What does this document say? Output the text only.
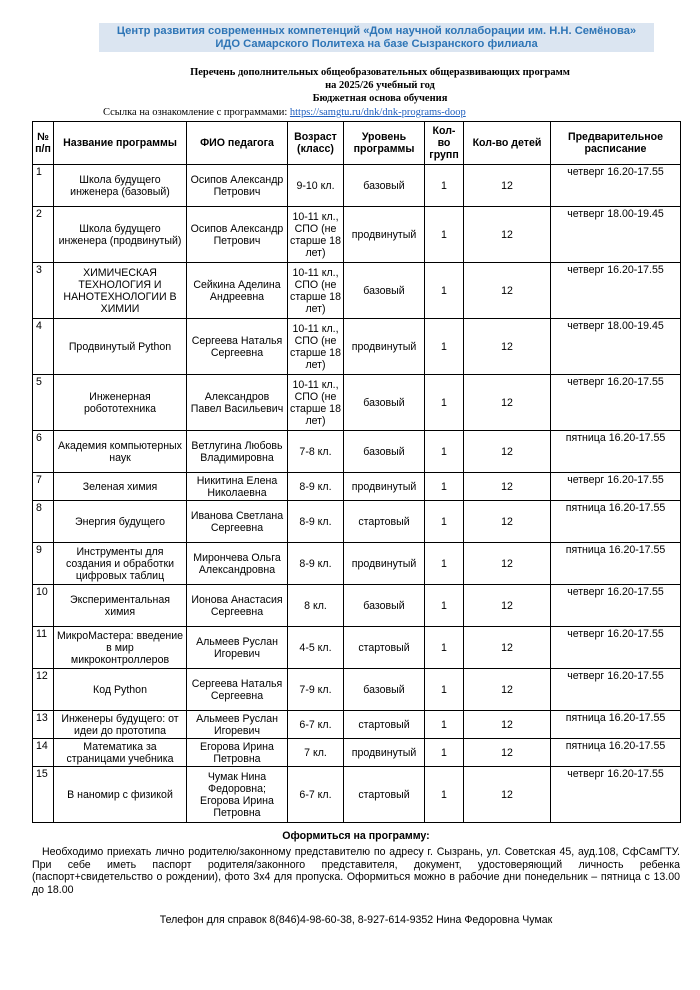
Центр развития современных компетенций «Дом научной коллаборации им. Н.Н. Семёнова»
ИДО Самарского Политеха на базе Сызранского филиала
Перечень дополнительных общеобразовательных общеразвивающих программ
на 2025/26 учебный год
Бюджетная основа обучения
Ссылка на ознакомление с программами: https://samgtu.ru/dnk/dnk-programs-doop
№ п/п	Название программы	ФИО педагога	Возраст (класс)	Уровень программы	Кол-во групп	Кол-во детей	Предварительное расписание
1	Школа будущего инженера (базовый)	Осипов Александр Петрович	9-10 кл.	базовый	1	12	четверг 16.20-17.55
2	Школа будущего инженера (продвинутый)	Осипов Александр Петрович	10-11 кл., СПО (не старше 18 лет)	продвинутый	1	12	четверг 18.00-19.45
3	ХИМИЧЕСКАЯ ТЕХНОЛОГИЯ И НАНОТЕХНОЛОГИИ В ХИМИИ	Сейкина Аделина Андреевна	10-11 кл., СПО (не старше 18 лет)	базовый	1	12	четверг 16.20-17.55
4	Продвинутый Python	Сергеева Наталья Сергеевна	10-11 кл., СПО (не старше 18 лет)	продвинутый	1	12	четверг 18.00-19.45
5	Инженерная робототехника	Александров Павел Васильевич	10-11 кл., СПО (не старше 18 лет)	базовый	1	12	четверг 16.20-17.55
6	Академия компьютерных наук	Ветлугина Любовь Владимировна	7-8 кл.	базовый	1	12	пятница 16.20-17.55
7	Зеленая химия	Никитина Елена Николаевна	8-9 кл.	продвинутый	1	12	четверг 16.20-17.55
8	Энергия будущего	Иванова Светлана Сергеевна	8-9 кл.	стартовый	1	12	пятница 16.20-17.55
9	Инструменты для создания и обработки цифровых таблиц	Мирончева Ольга Александровна	8-9 кл.	продвинутый	1	12	пятница 16.20-17.55
10	Экспериментальная химия	Ионова Анастасия Сергеевна	8 кл.	базовый	1	12	четверг 16.20-17.55
11	МикроМастера: введение в мир микроконтроллеров	Альмеев Руслан Игоревич	4-5 кл.	стартовый	1	12	четверг 16.20-17.55
12	Код Python	Сергеева Наталья Сергеевна	7-9 кл.	базовый	1	12	четверг 16.20-17.55
13	Инженеры будущего: от идеи до прототипа	Альмеев Руслан Игоревич	6-7 кл.	стартовый	1	12	пятница 16.20-17.55
14	Математика за страницами учебника	Егорова Ирина Петровна	7 кл.	продвинутый	1	12	пятница 16.20-17.55
15	В наномир с физикой	Чумак Нина Федоровна; Егорова Ирина Петровна	6-7 кл.	стартовый	1	12	четверг 16.20-17.55
Оформиться на программу:
Необходимо приехать лично родителю/законному представителю по адресу г. Сызрань, ул. Советская 45, ауд.108, СфСамГТУ. При себе иметь паспорт родителя/законного представителя, документ, удостоверяющий личность ребенка (паспорт+свидетельство о рождении), фото 3х4 для пропуска. Оформиться можно в рабочие дни понедельник – пятница с 13.00 до 18.00
Телефон для справок 8(846)4-98-60-38, 8-927-614-9352 Нина Федоровна Чумак
